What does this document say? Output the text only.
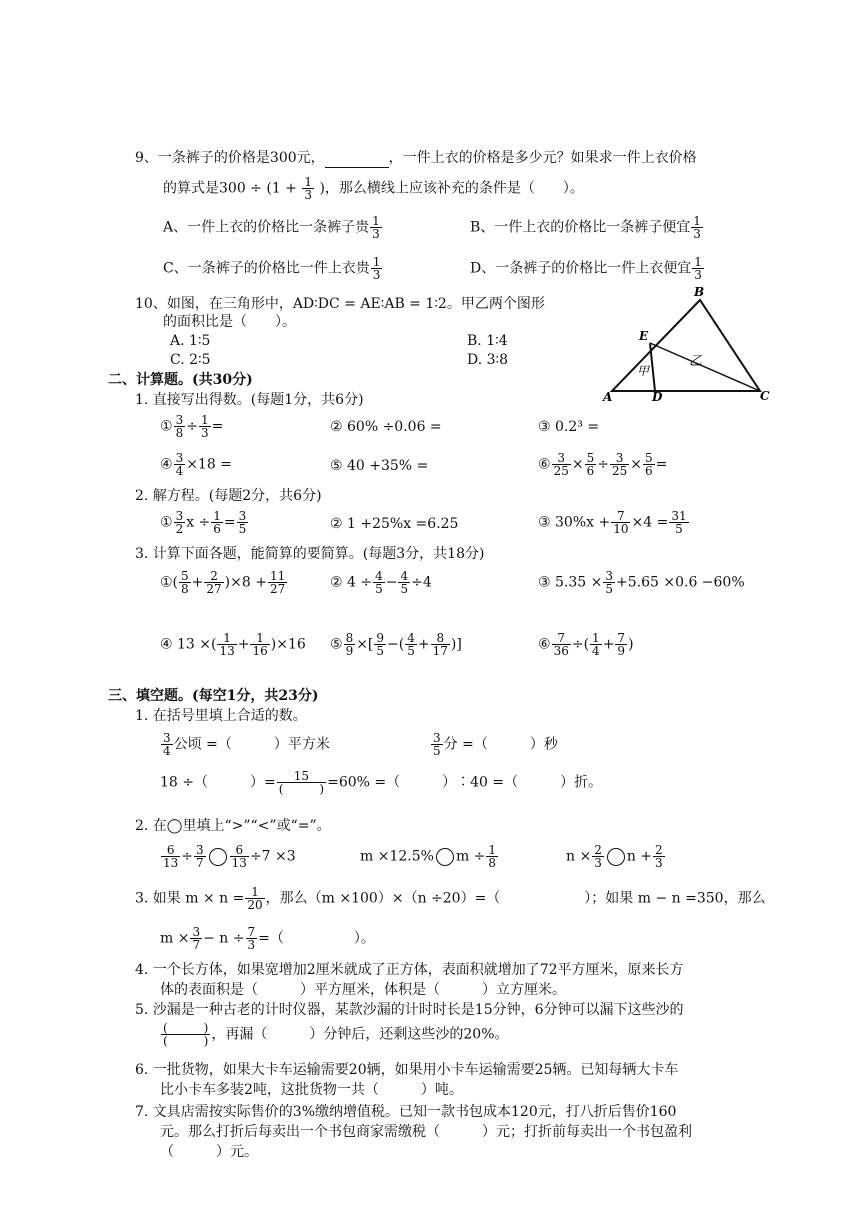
9、一条裤子的价格是300元，	，一件上衣的价格是多少元？如果求一件上衣价格
的算式是$300 \div (1 + \frac{1}{3}$ )，那么横线上应该补充的条件是（　　）。
A、一件上衣的价格比一条裤子贵 $\frac{1}{3}$	B、一件上衣的价格比一条裤子便宜 $\frac{1}{3}$
C、一条裤子的价格比一件上衣贵 $\frac{1}{3}$	D、一条裤子的价格比一件上衣便宜 $\frac{1}{3}$
10、如图，在三角形中，AD∶DC = AE∶AB = 1∶2。甲乙两个图形
的面积比是（　　）。
A. 1∶5	B. 1∶4
C. 2∶5	D. 3∶8
B
E
A	D	C
甲
乙
二、计算题。(共30分)
1. 直接写出得数。(每题1分，共6分)
① $\frac{3}{8} \div \frac{1}{3}$ =	② 60% ÷0.06 =	③ 0.2³ =
④ $\frac{3}{4} \times 18$ =	⑤ 40 +35% =	⑥ $\frac{3}{25} \times \frac{5}{6} \div \frac{3}{25} \times \frac{5}{6}$ =
2. 解方程。(每题2分，共6分)
① $\frac{3}{2}$ $x \div \frac{1}{6} = \frac{3}{5}$	② 1 +25%x =6.25	③ $30\%x + \frac{7}{10} \times 4 = \frac{31}{5}$
3. 计算下面各题，能简算的要简算。(每题3分，共18分)
①( $\frac{5}{8} + \frac{2}{27} )\times 8 + \frac{11}{27}$	② $4 \div \frac{4}{5} - \frac{4}{5} \div 4$	③ $5.35 \times \frac{3}{5} +5.65 \times 0.6 -60\%$
④ 13 ×( $\frac{1}{13} + \frac{1}{16} )\times 16$ ⑤ $\frac{8}{9}$ ×[ $\frac{9}{5}$ −( $\frac{4}{5} + \frac{8}{17}$ )]	⑥ $\frac{7}{36}$ ÷( $\frac{1}{4} + \frac{7}{9}$ )
三、填空题。(每空1分，共23分)
1. 在括号里填上合适的数。
$\frac{3}{4}$ 公顷 =（　　　）平方米	$\frac{3}{5}$ 分 =（　　　）秒
18 ÷（　　　）= $\frac{15}{( )} =60\%$ =（　　　）∶40 =（　　　）折。
2. 在◯里填上“>”“<”或“=”。
$\frac{6}{13} \div \frac{3}{7} \frac{6}{13} \div 7 \times 3$	m ×12.5% $m \div \frac{1}{8}$	$n \times \frac{2}{3}$ $n + \frac{2}{3}$
3. 如果 $m \times n = \frac{1}{20}$ ，那么（m ×100）×（n ÷20）=（　　　　　　）；如果 m − n =350，那么
$m \times \frac{3}{7} - n \div \frac{7}{3}$ =（　　　　　）。
4. 一个长方体，如果宽增加2厘米就成了正方体，表面积就增加了72平方厘米，原来长方
体的表面积是（　　　）平方厘米，体积是（　　　）立方厘米。
5. 沙漏是一种古老的计时仪器，某款沙漏的计时时长是15分钟，6分钟可以漏下这些沙的
$\frac{( )}{( )}$ ，再漏（　　　）分钟后，还剩这些沙的20%。
6. 一批货物，如果大卡车运输需要20辆，如果用小卡车运输需要25辆。已知每辆大卡车
比小卡车多装2吨，这批货物一共（　　　）吨。
7. 文具店需按实际售价的3%缴纳增值税。已知一款书包成本120元，打八折后售价160
元。那么打折后每卖出一个书包商家需缴税（　　　）元；打折前每卖出一个书包盈利
（　　　）元。
